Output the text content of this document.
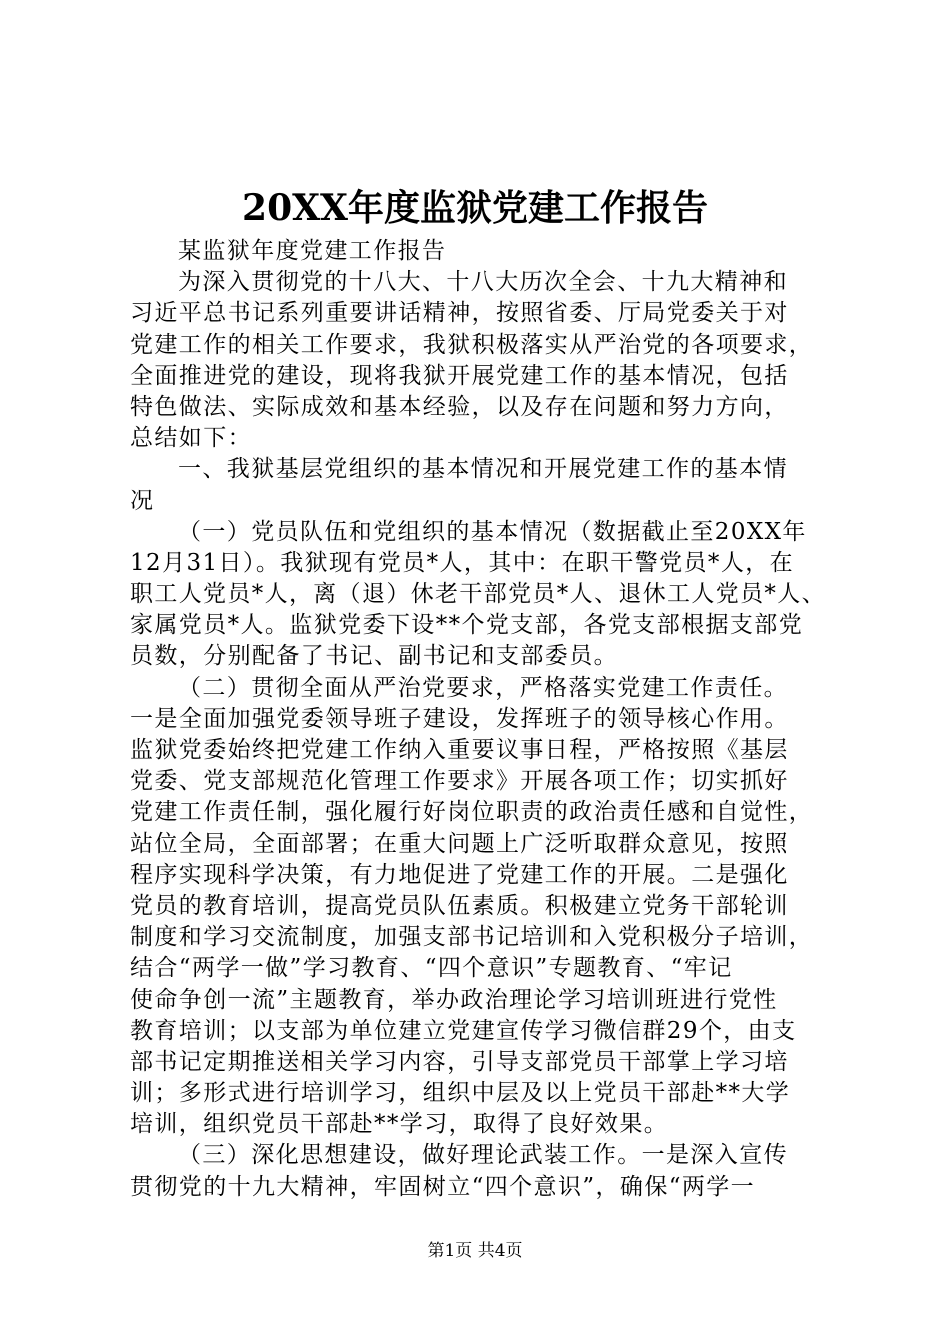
20XX年度监狱党建工作报告
某监狱年度党建工作报告
为深入贯彻党的十八大、十八大历次全会、十九大精神和
习近平总书记系列重要讲话精神，按照省委、厅局党委关于对
党建工作的相关工作要求，我狱积极落实从严治党的各项要求，
全面推进党的建设，现将我狱开展党建工作的基本情况，包括
特色做法、实际成效和基本经验，以及存在问题和努力方向，
总结如下：
一、我狱基层党组织的基本情况和开展党建工作的基本情
况
（一）党员队伍和党组织的基本情况（数据截止至20XX年
12月31日）。我狱现有党员*人，其中：在职干警党员*人，在
职工人党员*人，离（退）休老干部党员*人、退休工人党员*人、
家属党员*人。监狱党委下设**个党支部，各党支部根据支部党
员数，分别配备了书记、副书记和支部委员。
（二）贯彻全面从严治党要求，严格落实党建工作责任。
一是全面加强党委领导班子建设，发挥班子的领导核心作用。
监狱党委始终把党建工作纳入重要议事日程，严格按照《基层
党委、党支部规范化管理工作要求》开展各项工作；切实抓好
党建工作责任制，强化履行好岗位职责的政治责任感和自觉性，
站位全局，全面部署；在重大问题上广泛听取群众意见，按照
程序实现科学决策，有力地促进了党建工作的开展。二是强化
党员的教育培训，提高党员队伍素质。积极建立党务干部轮训
制度和学习交流制度，加强支部书记培训和入党积极分子培训，
结合“两学一做”学习教育、“四个意识”专题教育、“牢记
使命争创一流”主题教育，举办政治理论学习培训班进行党性
教育培训；以支部为单位建立党建宣传学习微信群29个，由支
部书记定期推送相关学习内容，引导支部党员干部掌上学习培
训；多形式进行培训学习，组织中层及以上党员干部赴**大学
培训，组织党员干部赴**学习，取得了良好效果。
（三）深化思想建设，做好理论武装工作。一是深入宣传
贯彻党的十九大精神，牢固树立“四个意识”，确保“两学一
第1页 共4页
